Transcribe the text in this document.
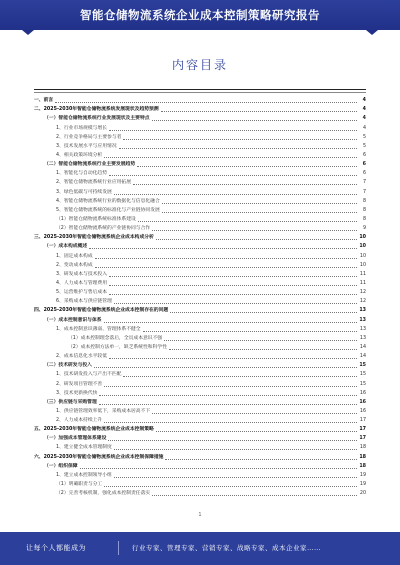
智能仓储物流系统企业成本控制策略研究报告
内容目录
一、前言	4
二、2025-2030年智能仓储物流系统发展现状及趋势预测	4
（一）智能仓储物流系统行业发展现状及主要特点	4
1、行业市场规模与增长	4
2、行业竞争格局与主要参与者	5
3、技术发展水平与应用情况	5
4、相关政策环境分析	6
（二）智能仓储物流系统行业主要发展趋势	6
1、智能化与自动化趋势	6
2、智能仓储物流系统行业应用拓展	7
3、绿色低碳与可持续发展	7
4、智能仓储物流系统行业的数据化与信息化融合	8
5、智能仓储物流系统的标准化与产业链协同发展	8
（1）智能仓储物流系统标准体系建设	8
（2）智能仓储物流系统的产业链协同与合作	9
三、2025-2030年智能仓储物流系统企业成本构成分析	10
（一）成本构成概述	10
1、固定成本构成	10
2、变动成本构成	10
3、研发成本与技术投入	11
4、人力成本与管理费用	11
5、运营维护与售后成本	12
6、采购成本与供应链管理	12
四、2025-2030年智能仓储物流系统企业成本控制存在的问题	13
（一）成本控制意识与体系	13
1、成本控制意识薄弱、管理体系不健全	13
（1）成本控制理念落后，全员成本意识不强	13
（2）成本控制方法单一，缺乏系统性和科学性	14
2、成本信息化水平较低	14
（二）技术研发与投入	15
1、技术研发投入与产出不匹配	15
2、研发项目管理不善	15
3、技术更新换代快	16
（三）供应链与采购管理	16
1、供应链管理效率低下，采购成本居高不下	16
2、人力成本持续上升	17
五、2025-2030年智能仓储物流系统企业成本控制策略	17
（一）加强成本管理体系建设	17
1、建立健全成本管理制度	18
六、2025-2030年智能仓储物流系统企业成本控制保障措施	18
（一）组织保障	18
1、建立成本控制领导小组	19
（1）明确职责与分工	19
（2）完善考核机制，强化成本控制责任落实	20
1
让每个人都能成为	行业专家、管理专家、营销专家、战略专家、成本企业家……
